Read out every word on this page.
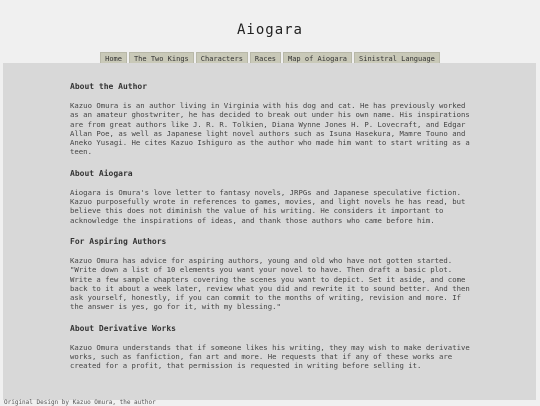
Aiogara
Home	The Two Kings	Characters	Races	Map of Aiogara	Sinistral Language
About the Author

Kazuo Omura is an author living in Virginia with his dog and cat. He has previously worked as an amateur ghostwriter, he has decided to break out under his own name. His inspirations are from great authors like J. R. R. Tolkien, Diana Wynne Jones H. P. Lovecraft, and Edgar Allan Poe, as well as Japanese light novel authors such as Isuna Hasekura, Mamre Touno and Aneko Yusagi. He cites Kazuo Ishiguro as the author who made him want to start writing as a teen.

About Aiogara

Aiogara is Omura's love letter to fantasy novels, JRPGs and Japanese speculative fiction. Kazuo purposefully wrote in references to games, movies, and light novels he has read, but believe this does not diminish the value of his writing. He considers it important to acknowledge the inspirations of ideas, and thank those authors who came before him.

For Aspiring Authors

Kazuo Omura has advice for aspiring authors, young and old who have not gotten started. "Write down a list of 10 elements you want your novel to have. Then draft a basic plot. Write a few sample chapters covering the scenes you want to depict. Set it aside, and come back to it about a week later, review what you did and rewrite it to sound better. And then ask yourself, honestly, if you can commit to the months of writing, revision and more. If the answer is yes, go for it, with my blessing."

About Derivative Works

Kazuo Omura understands that if someone likes his writing, they may wish to make derivative works, such as fanfiction, fan art and more. He requests that if any of these works are created for a profit, that permission is requested in writing before selling it.

Original Design by Kazuo Omura, the author
